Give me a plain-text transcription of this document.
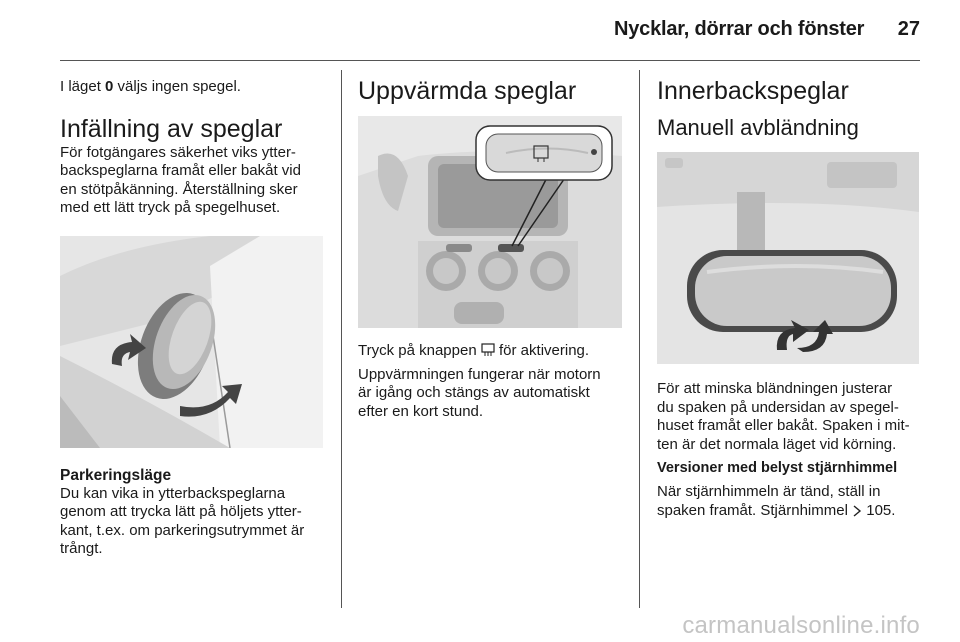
Nycklar, dörrar och fönster 27

I läget 0 väljs ingen spegel.

Infällning av speglar

För fotgängares säkerhet viks ytter-

backspeglarna framåt eller bakåt vid

en stötpåkänning. Återställning sker

med ett lätt tryck på spegelhuset.

Parkeringsläge

Du kan vika in ytterbackspeglarna

genom att trycka lätt på höljets ytter-

kant, t.ex. om parkeringsutrymmet är

trångt.

Uppvärmda speglar

Tryck på knappen  för aktivering.

Uppvärmningen fungerar när motorn

är igång och stängs av automatiskt

efter en kort stund.

Innerbackspeglar
Manuell avbländning

För att minska bländningen justerar

du spaken på undersidan av spegel-

huset framåt eller bakåt. Spaken i mit-

ten är det normala läget vid körning.

Versioner med belyst stjärnhimmel

När stjärnhimmeln är tänd, ställ in

spaken framåt. Stjärnhimmel  105.

carmanualsonline.info
